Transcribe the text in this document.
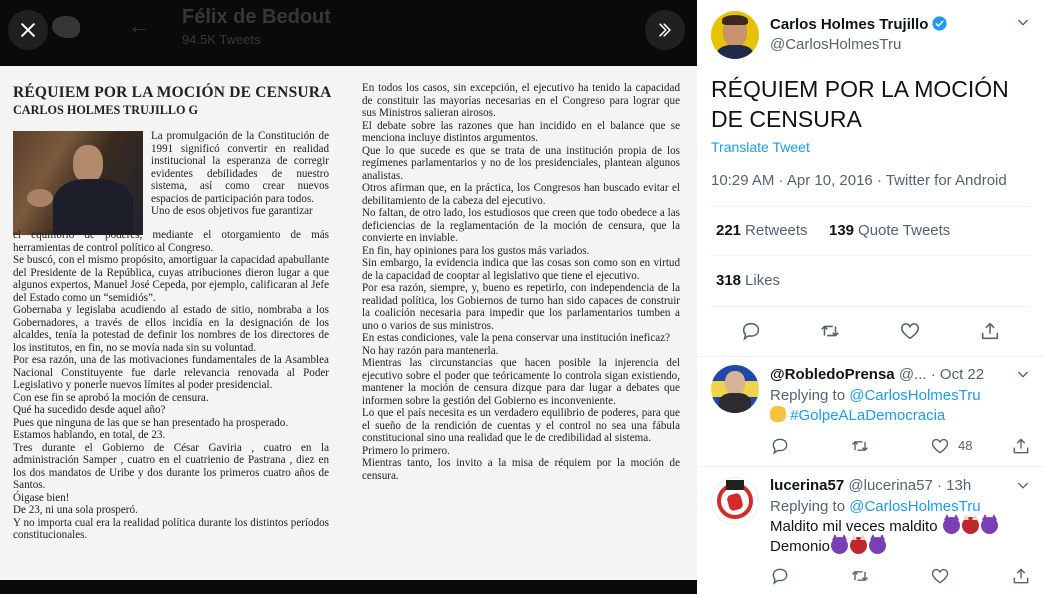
← Félix de Bedout
94.5K Tweets
RÉQUIEM POR LA MOCIÓN DE CENSURA
CARLOS HOLMES TRUJILLO G
La promulgación de la Constitución de 1991 significó convertir en realidad institucional la esperanza de corregir evidentes debilidades de nuestro sistema, así como crear nuevos espacios de participación para todos.
Uno de esos objetivos fue garantizar
el equilibrio de poderes, mediante el otorgamiento de más herramientas de control político al Congreso.
Se buscó, con el mismo propósito, amortiguar la capacidad apabullante del Presidente de la República, cuyas atribuciones dieron lugar a que algunos expertos, Manuel José Cepeda, por ejemplo, calificaran al Jefe del Estado como un “semidiós”.
Gobernaba y legislaba acudiendo al estado de sitio, nombraba a los Gobernadores, a través de ellos incidía en la designación de los alcaldes, tenía la potestad de definir los nombres de los directores de los institutos, en fin, no se movía nada sin su voluntad.
Por esa razón, una de las motivaciones fundamentales de la Asamblea Nacional Constituyente fue darle relevancia renovada al Poder Legislativo y ponerle nuevos límites al poder presidencial.
Con ese fin se aprobó la moción de censura.
Qué ha sucedido desde aquel año?
Pues que ninguna de las que se han presentado ha prosperado.
Estamos hablando, en total, de 23.
Tres durante el Gobierno de César Gaviria , cuatro en la administración Samper , cuatro en el cuatrienio de Pastrana , diez en los dos mandatos de Uribe y dos durante los primeros cuatro años de Santos.
Óigase bien!
De 23, ni una sola prosperó.
Y no importa cual era la realidad política durante los distintos períodos constitucionales.
En todos los casos, sin excepción, el ejecutivo ha tenido la capacidad de constituir las mayorías necesarias en el Congreso para lograr que sus Ministros salieran airosos.
El debate sobre las razones que han incidido en el balance que se menciona incluye distintos argumentos.
Que lo que sucede es que se trata de una institución propia de los regímenes parlamentarios y no de los presidenciales, plantean algunos analistas.
Otros afirman que, en la práctica, los Congresos han buscado evitar el debilitamiento de la cabeza del ejecutivo.
No faltan, de otro lado, los estudiosos que creen que todo obedece a las deficiencias de la reglamentación de la moción de censura, que la convierte en inviable.
En fin, hay opiniones para los gustos más variados.
Sin embargo, la evidencia indica que las cosas son como son en virtud de la capacidad de cooptar al legislativo que tiene el ejecutivo.
Por esa razón, siempre, y, bueno es repetirlo, con independencia de la realidad política, los Gobiernos de turno han sido capaces de construir la coalición necesaria para impedir que los parlamentarios tumben a uno o varios de sus ministros.
En estas condiciones, vale la pena conservar una institución ineficaz?
No hay razón para mantenerla.
Mientras las circunstancias que hacen posible la injerencia del ejecutivo sobre el poder que teóricamente lo controla sigan existiendo, mantener la moción de censura dizque para dar lugar a debates que informen sobre la gestión del Gobierno es inconveniente.
Lo que el país necesita es un verdadero equilibrio de poderes, para que el sueño de la rendición de cuentas y el control no sea una fábula constitucional sino una realidad que le de credibilidad al sistema.
Primero lo primero.
Mientras tanto, los invito a la misa de réquiem por la moción de censura.
Carlos Holmes Trujillo
@CarlosHolmesTru
RÉQUIEM POR LA MOCIÓN DE CENSURA
Translate Tweet
10:29 AM · Apr 10, 2016 · Twitter for Android
221 Retweets 139 Quote Tweets
318 Likes
@RobledoPrensa @... · Oct 22
Replying to @CarlosHolmesTru
#GolpeALaDemocracia
48
lucerina57 @lucerina57 · 13h
Replying to @CarlosHolmesTru
Maldito mil veces maldito
Demonio
